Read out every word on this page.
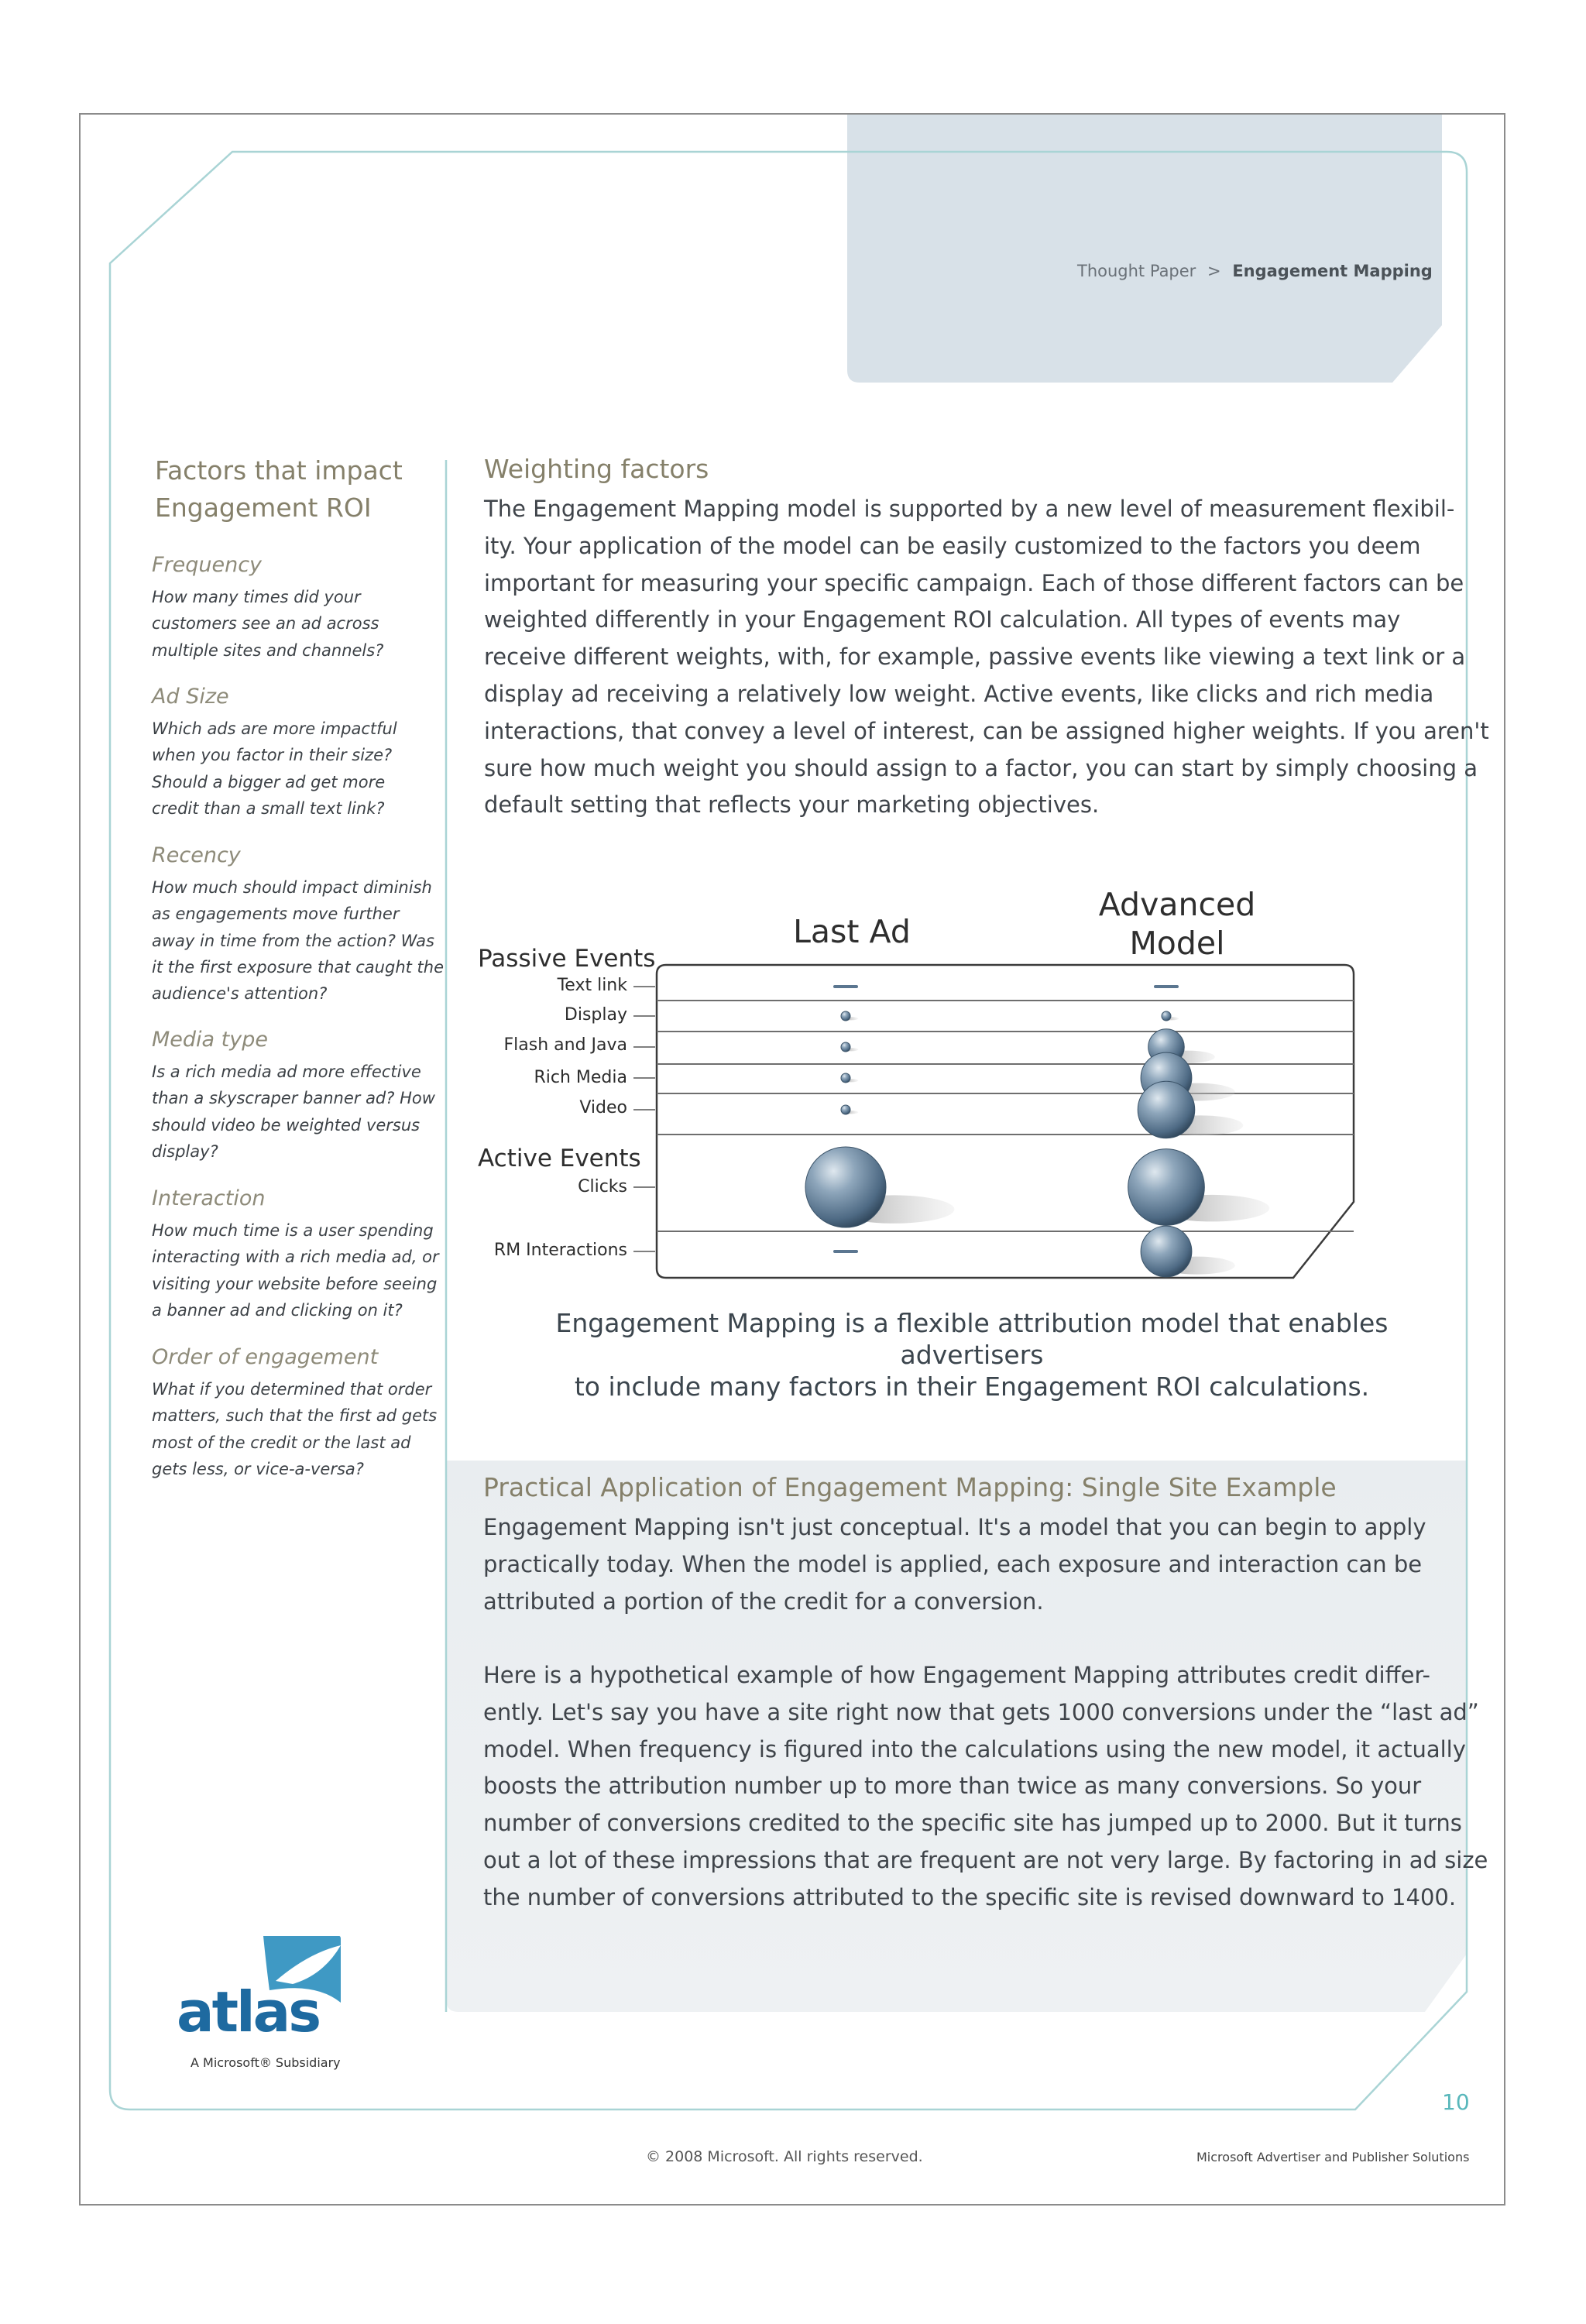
Thought Paper > Engagement Mapping
Factors that impact
Engagement ROI
Frequency
How many times did your
customers see an ad across
multiple sites and channels?
Ad Size
Which ads are more impactful
when you factor in their size?
Should a bigger ad get more
credit than a small text link?
Recency
How much should impact diminish
as engagements move further
away in time from the action? Was
it the first exposure that caught the
audience's attention?
Media type
Is a rich media ad more effective
than a skyscraper banner ad? How
should video be weighted versus
display?
Interaction
How much time is a user spending
interacting with a rich media ad, or
visiting your website before seeing
a banner ad and clicking on it?
Order of engagement
What if you determined that order
matters, such that the first ad gets
most of the credit or the last ad
gets less, or vice-a-versa?
Weighting factors
The Engagement Mapping model is supported by a new level of measurement flexibil-
ity. Your application of the model can be easily customized to the factors you deem
important for measuring your specific campaign. Each of those different factors can be
weighted differently in your Engagement ROI calculation. All types of events may
receive different weights, with, for example, passive events like viewing a text link or a
display ad receiving a relatively low weight. Active events, like clicks and rich media
interactions, that convey a level of interest, can be assigned higher weights. If you aren't
sure how much weight you should assign to a factor, you can start by simply choosing a
default setting that reflects your marketing objectives.
Last Ad
Advanced
Model
Passive Events
Active Events
Text link
Display
Flash and Java
Rich Media
Video
Clicks
RM Interactions
Engagement Mapping is a flexible attribution model that enables advertisers
to include many factors in their Engagement ROI calculations.
Practical Application of Engagement Mapping: Single Site Example
Engagement Mapping isn't just conceptual. It's a model that you can begin to apply
practically today. When the model is applied, each exposure and interaction can be
attributed a portion of the credit for a conversion.
Here is a hypothetical example of how Engagement Mapping attributes credit differ-
ently. Let's say you have a site right now that gets 1000 conversions under the “last ad”
model. When frequency is figured into the calculations using the new model, it actually
boosts the attribution number up to more than twice as many conversions. So your
number of conversions credited to the specific site has jumped up to 2000. But it turns
out a lot of these impressions that are frequent are not very large. By factoring in ad size
the number of conversions attributed to the specific site is revised downward to 1400.
atlas
A Microsoft® Subsidiary
10
© 2008 Microsoft. All rights reserved.	Microsoft Advertiser and Publisher Solutions
